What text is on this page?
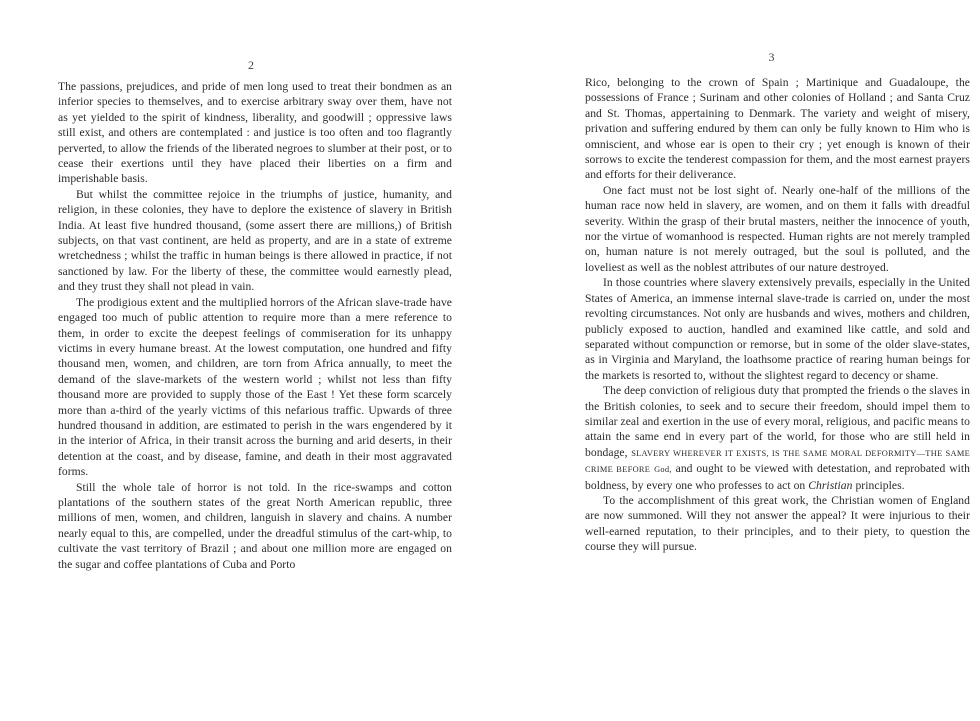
2

The passions, prejudices, and pride of men long used to treat their bondmen as an inferior species to themselves, and to exercise arbitrary sway over them, have not as yet yielded to the spirit of kindness, liberality, and goodwill ; oppressive laws still exist, and others are contemplated : and justice is too often and too flagrantly perverted, to allow the friends of the liberated negroes to slumber at their post, or to cease their exertions until they have placed their liberties on a firm and imperishable basis.

But whilst the committee rejoice in the triumphs of justice, humanity, and religion, in these colonies, they have to deplore the existence of slavery in British India. At least five hundred thousand, (some assert there are millions,) of British subjects, on that vast continent, are held as property, and are in a state of extreme wretchedness ; whilst the traffic in human beings is there allowed in practice, if not sanctioned by law. For the liberty of these, the committee would earnestly plead, and they trust they shall not plead in vain.

The prodigious extent and the multiplied horrors of the African slave-trade have engaged too much of public attention to require more than a mere reference to them, in order to excite the deepest feelings of commiseration for its unhappy victims in every humane breast. At the lowest computation, one hundred and fifty thousand men, women, and children, are torn from Africa annually, to meet the demand of the slave-markets of the western world ; whilst not less than fifty thousand more are provided to supply those of the East ! Yet these form scarcely more than a-third of the yearly victims of this nefarious traffic. Upwards of three hundred thousand in addition, are estimated to perish in the wars engendered by it in the interior of Africa, in their transit across the burning and arid deserts, in their detention at the coast, and by disease, famine, and death in their most aggravated forms.

Still the whole tale of horror is not told. In the rice-swamps and cotton plantations of the southern states of the great North American republic, three millions of men, women, and children, languish in slavery and chains. A number nearly equal to this, are compelled, under the dreadful stimulus of the cart-whip, to cultivate the vast territory of Brazil ; and about one million more are engaged on the sugar and coffee plantations of Cuba and Porto

3

Rico, belonging to the crown of Spain ; Martinique and Guadaloupe, the possessions of France ; Surinam and other colonies of Holland ; and Santa Cruz and St. Thomas, appertaining to Denmark. The variety and weight of misery, privation and suffering endured by them can only be fully known to Him who is omniscient, and whose ear is open to their cry ; yet enough is known of their sorrows to excite the tenderest compassion for them, and the most earnest prayers and efforts for their deliverance.

One fact must not be lost sight of. Nearly one-half of the millions of the human race now held in slavery, are women, and on them it falls with dreadful severity. Within the grasp of their brutal masters, neither the innocence of youth, nor the virtue of womanhood is respected. Human rights are not merely trampled on, human nature is not merely outraged, but the soul is polluted, and the loveliest as well as the noblest attributes of our nature destroyed.

In those countries where slavery extensively prevails, especially in the United States of America, an immense internal slave-trade is carried on, under the most revolting circumstances. Not only are husbands and wives, mothers and children, publicly exposed to auction, handled and examined like cattle, and sold and separated without compunction or remorse, but in some of the older slave-states, as in Virginia and Maryland, the loathsome practice of rearing human beings for the markets is resorted to, without the slightest regard to decency or shame.

The deep conviction of religious duty that prompted the friends o the slaves in the British colonies, to seek and to secure their freedom, should impel them to similar zeal and exertion in the use of every moral, religious, and pacific means to attain the same end in every part of the world, for those who are still held in bondage, SLAVERY WHEREVER IT EXISTS, IS THE SAME MORAL DEFORMITY—THE SAME CRIME BEFORE God, and ought to be viewed with detestation, and reprobated with boldness, by every one who professes to act on Christian principles.

To the accomplishment of this great work, the Christian women of England are now summoned. Will they not answer the appeal? It were injurious to their well-earned reputation, to their principles, and to their piety, to question the course they will pursue.
